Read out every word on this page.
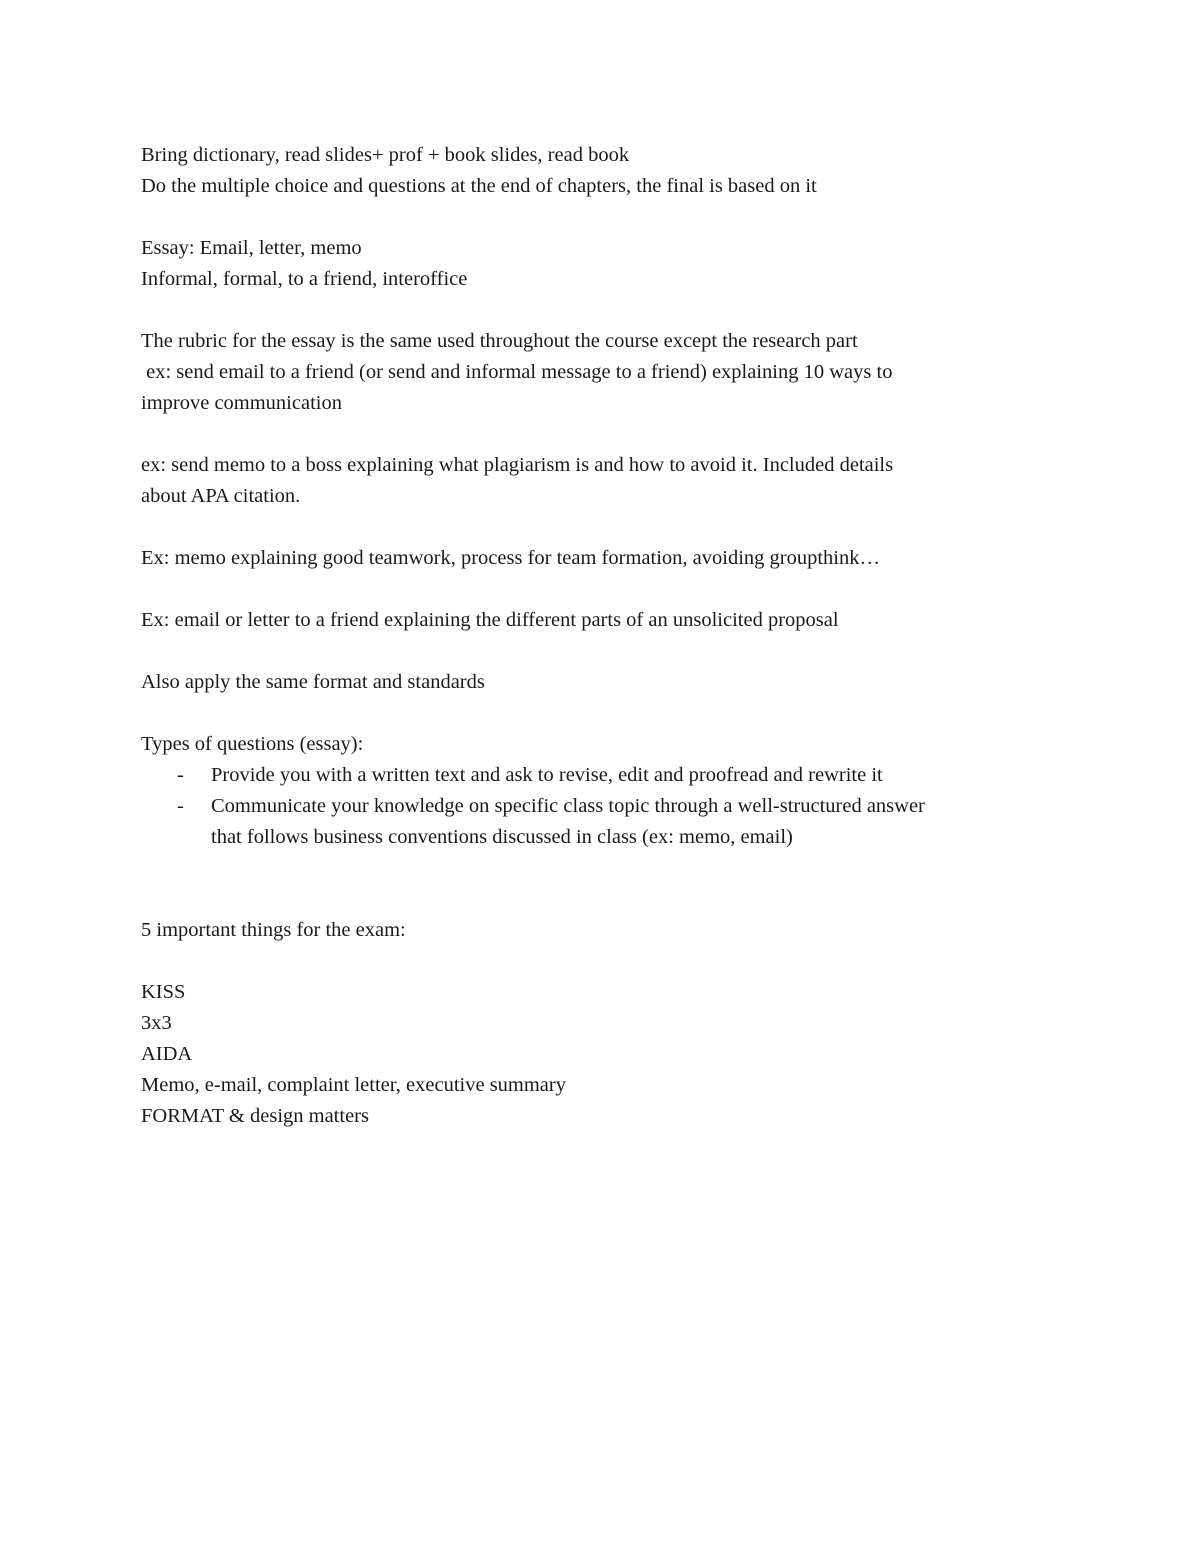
Bring dictionary, read slides+ prof + book slides, read book
Do the multiple choice and questions at the end of chapters, the final is based on it
Essay: Email, letter, memo
Informal, formal, to a friend, interoffice
The rubric for the essay is the same used throughout the course except the research part
ex: send email to a friend (or send and informal message to a friend) explaining 10 ways to
improve communication
ex: send memo to a boss explaining what plagiarism is and how to avoid it. Included details
about APA citation.
Ex: memo explaining good teamwork, process for team formation, avoiding groupthink…
Ex: email or letter to a friend explaining the different parts of an unsolicited proposal
Also apply the same format and standards
Types of questions (essay):
- Provide you with a written text and ask to revise, edit and proofread and rewrite it
- Communicate your knowledge on specific class topic through a well-structured answer
that follows business conventions discussed in class (ex: memo, email)
5 important things for the exam:
KISS
3x3
AIDA
Memo, e-mail, complaint letter, executive summary
FORMAT & design matters
